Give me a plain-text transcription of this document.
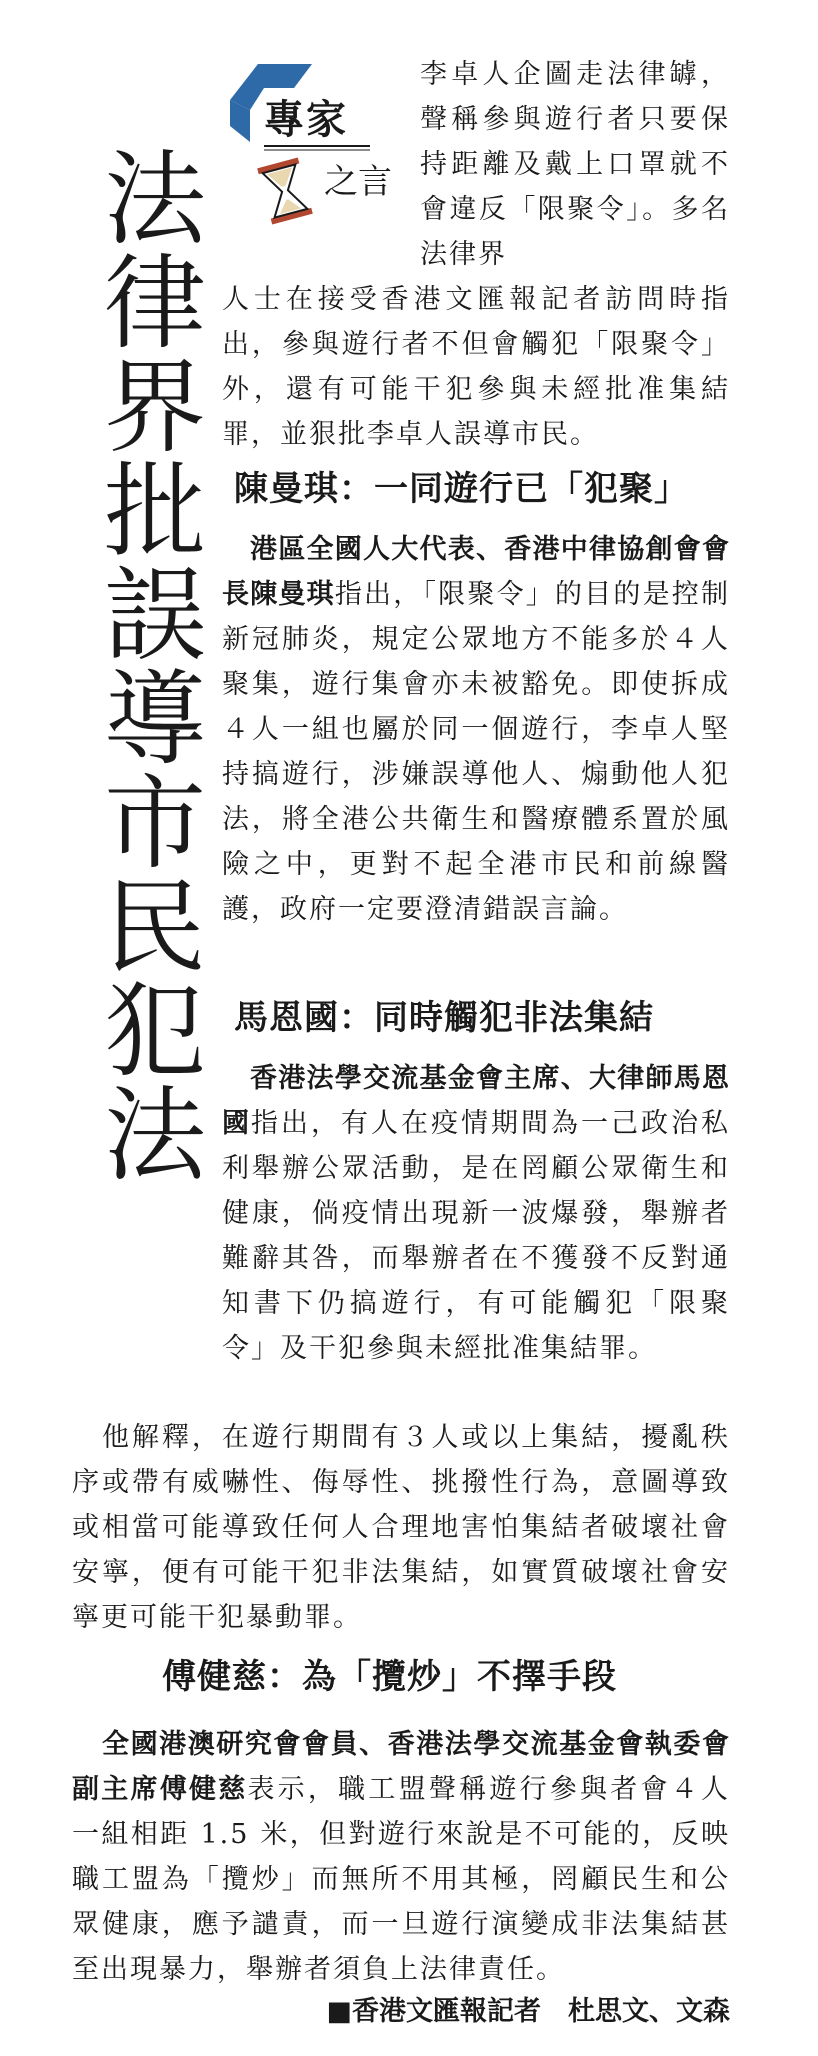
法律界批誤導市民犯法
專家
之言

李卓人企圖走法律罅，聲稱參與遊行者只要保持距離及戴上口罩就不會違反「限聚令」。多名法律界

人士在接受香港文匯報記者訪問時指出，參與遊行者不但會觸犯「限聚令」外，還有可能干犯參與未經批准集結罪，並狠批李卓人誤導市民。

陳曼琪：一同遊行已「犯聚」

港區全國人大代表、香港中律協創會會長陳曼琪指出，「限聚令」的目的是控制新冠肺炎，規定公眾地方不能多於４人聚集，遊行集會亦未被豁免。即使拆成４人一組也屬於同一個遊行，李卓人堅持搞遊行，涉嫌誤導他人、煽動他人犯法，將全港公共衛生和醫療體系置於風險之中，更對不起全港市民和前線醫護，政府一定要澄清錯誤言論。

馬恩國：同時觸犯非法集結

香港法學交流基金會主席、大律師馬恩國指出，有人在疫情期間為一己政治私利舉辦公眾活動，是在罔顧公眾衛生和健康，倘疫情出現新一波爆發，舉辦者難辭其咎，而舉辦者在不獲發不反對通知書下仍搞遊行，有可能觸犯「限聚令」及干犯參與未經批准集結罪。

他解釋，在遊行期間有３人或以上集結，擾亂秩序或帶有威嚇性、侮辱性、挑撥性行為，意圖導致或相當可能導致任何人合理地害怕集結者破壞社會安寧，便有可能干犯非法集結，如實質破壞社會安寧更可能干犯暴動罪。

傅健慈：為「攬炒」不擇手段

全國港澳研究會會員、香港法學交流基金會執委會副主席傅健慈表示，職工盟聲稱遊行參與者會４人一組相距 1.5 米，但對遊行來說是不可能的，反映職工盟為「攬炒」而無所不用其極，罔顧民生和公眾健康，應予譴責，而一旦遊行演變成非法集結甚至出現暴力，舉辦者須負上法律責任。

■香港文匯報記者　杜思文、文森
